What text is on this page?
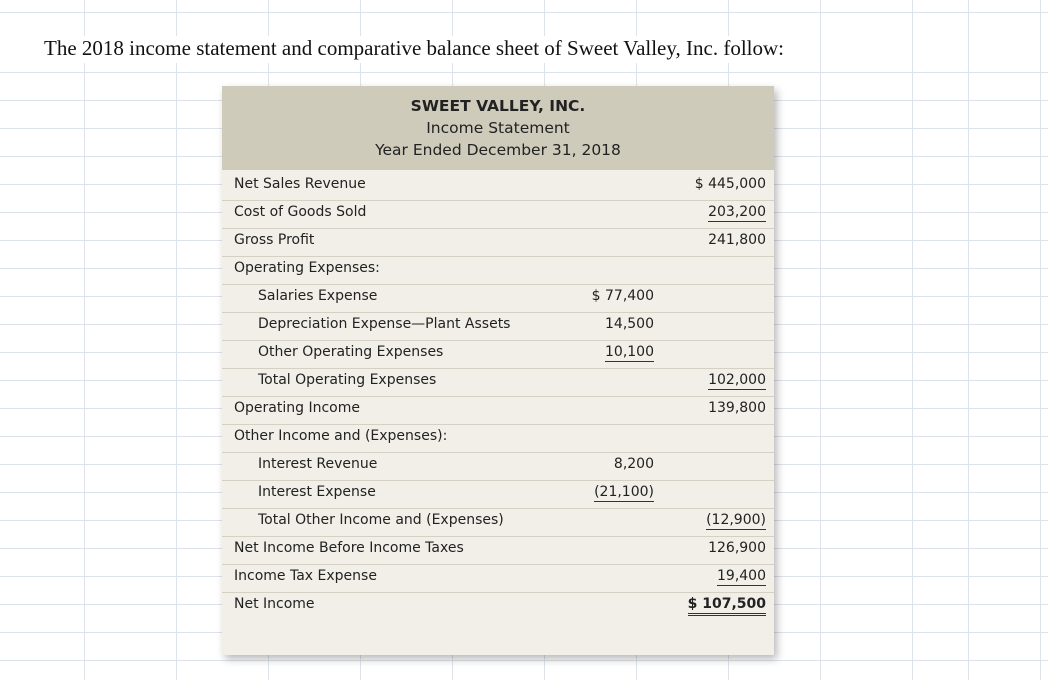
The 2018 income statement and comparative balance sheet of Sweet Valley, Inc. follow:
SWEET VALLEY, INC.
Income Statement
Year Ended December 31, 2018
Net Sales Revenue	$ 445,000
Cost of Goods Sold	203,200
Gross Profit	241,800
Operating Expenses:
Salaries Expense	$ 77,400
Depreciation Expense—Plant Assets	14,500
Other Operating Expenses	10,100
Total Operating Expenses	102,000
Operating Income	139,800
Other Income and (Expenses):
Interest Revenue	8,200
Interest Expense	(21,100)
Total Other Income and (Expenses)	(12,900)
Net Income Before Income Taxes	126,900
Income Tax Expense	19,400
Net Income	$ 107,500
